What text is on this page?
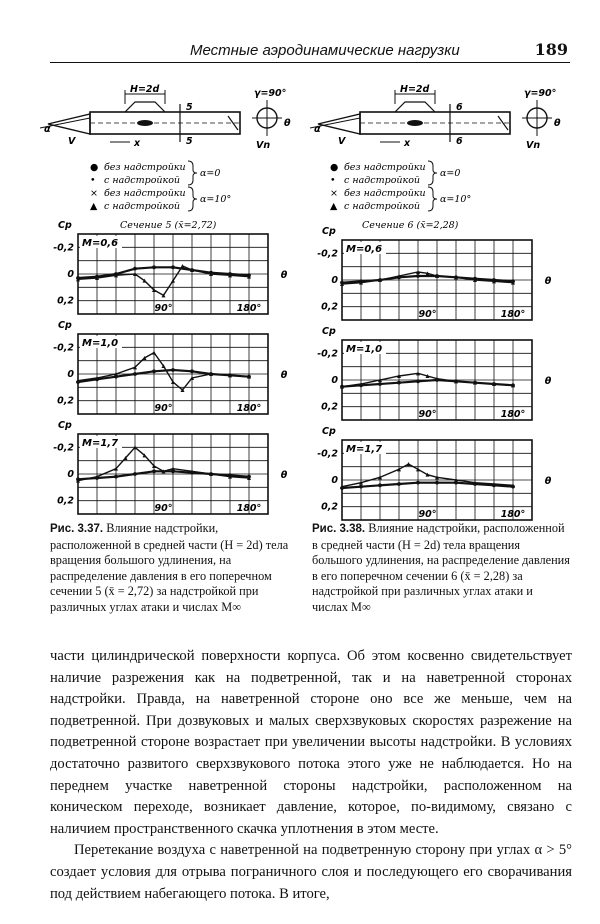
Местные аэродинамические нагрузки	189
H=2d
5
5
α
V	x
γ=90°
θ
Vn
● без надстройки
• с надстройкой
× без надстройки
▲ с надстройкой
α=0
α=10°
Сечение 5 (x̄=2,72)
Cp
-0,2
0
0,2
M=0,6
90°	180°
θ
Cp
-0,2
0
0,2
M=1,0
90°	180°
θ
Cp
-0,2
0
0,2
M=1,7
90°	180°
θ
H=2d
6
6
α
V	x
γ=90°
θ
Vn
● без надстройки
• с надстройкой
× без надстройки
▲ с надстройкой
α=0
α=10°
Сечение 6 (x̄=2,28)
Cp
-0,2
0
0,2
M=0,6
90°	180°
θ
Cp
-0,2
0
0,2
M=1,0
90°	180°
θ
Cp
-0,2
0
0,2
M=1,7
90°	180°
θ
Рис. 3.37. Влияние надстройки, расположенной в средней части (H = 2d) тела вращения большого удлинения, на распределение давления в его поперечном сечении 5 (x̄ = 2,72) за надстройкой при различных углах атаки и числах M∞
Рис. 3.38. Влияние надстройки, расположенной в средней части (H = 2d) тела вращения большого удлинения, на распределение давления в его поперечном сечении 6 (x̄ = 2,28) за надстройкой при различных углах атаки и числах M∞

части цилиндрической поверхности корпуса. Об этом косвенно свидетельствует наличие разрежения как на подветренной, так и на наветренной сторонах надстройки. Правда, на наветренной стороне оно все же меньше, чем на подветренной. При дозвуковых и малых сверхзвуковых скоростях разрежение на подветренной стороне возрастает при увеличении высоты надстройки. В условиях достаточно развитого сверхзвукового потока этого уже не наблюдается. Но на переднем участке наветренной стороны надстройки, расположенном на коническом переходе, возникает давление, которое, по-видимому, связано с наличием пространственного скачка уплотнения в этом месте.

Перетекание воздуха с наветренной на подветренную сторону при углах α > 5° создает условия для отрыва пограничного слоя и последующего его сворачивания под действием набегающего потока. В итоге,
